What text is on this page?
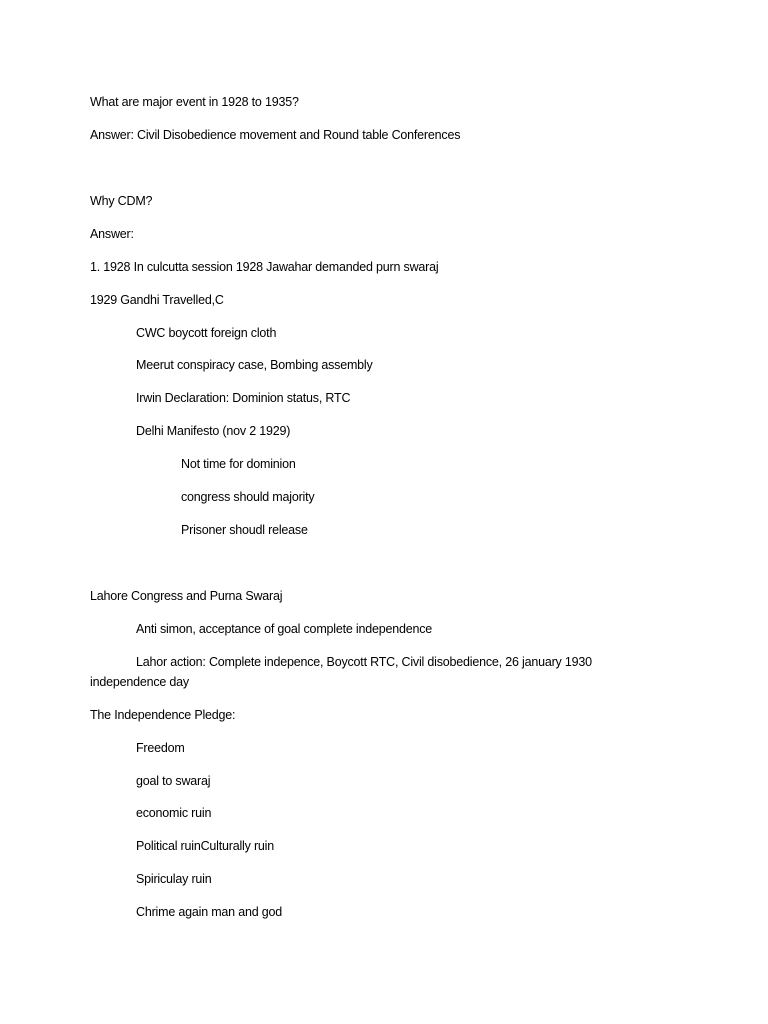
What are major event in 1928 to 1935?
Answer: Civil Disobedience movement and Round table Conferences
Why CDM?
Answer:
1. 1928 In culcutta session 1928 Jawahar demanded purn swaraj
1929 Gandhi Travelled,C
CWC boycott foreign cloth
Meerut conspiracy case, Bombing assembly
Irwin Declaration: Dominion status, RTC
Delhi Manifesto (nov 2 1929)
Not time for dominion
congress should majority
Prisoner shoudl release
Lahore Congress and Purna Swaraj
Anti simon, acceptance of goal complete independence
Lahor action: Complete indepence, Boycott RTC, Civil disobedience, 26 january 1930
independence day
The Independence Pledge:
Freedom
goal to swaraj
economic ruin
Political ruinCulturally ruin
Spiriculay ruin
Chrime again man and god
